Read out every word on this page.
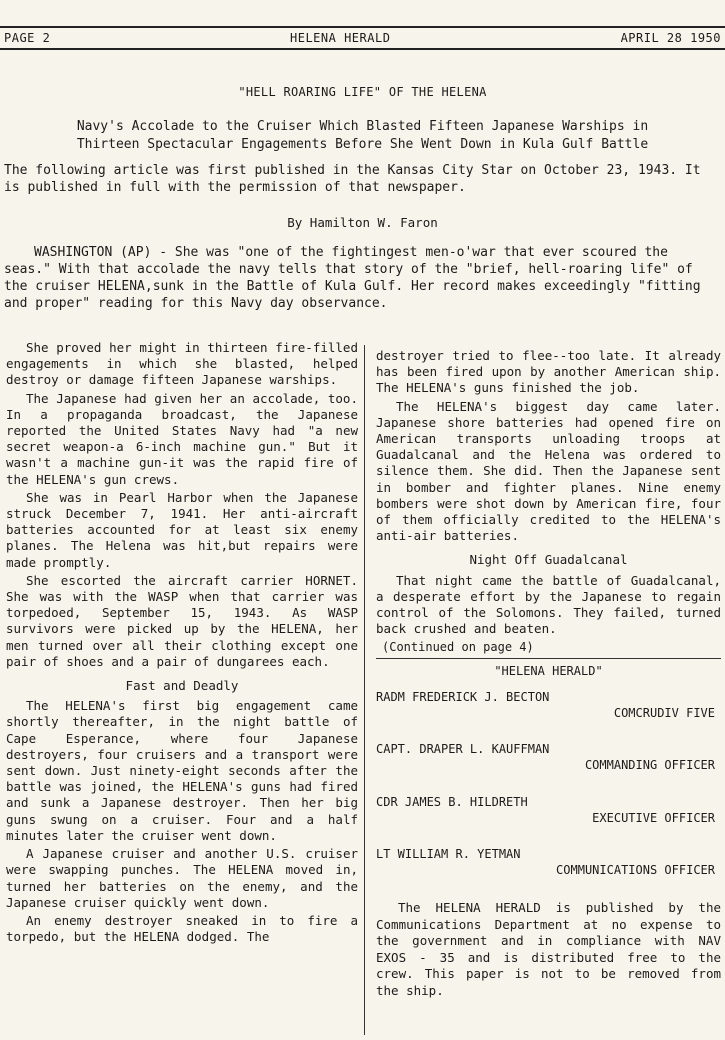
PAGE 2	HELENA HERALD	APRIL 28 1950
"HELL ROARING LIFE" OF THE HELENA
Navy's Accolade to the Cruiser Which Blasted Fifteen Japanese Warships in
Thirteen Spectacular Engagements Before She Went Down in Kula Gulf Battle
The following article was first published in the Kansas City Star on October 23, 1943. It is published in full with the permission of that newspaper.
By Hamilton W. Faron
WASHINGTON (AP) - She was "one of the fightingest men-o'war that ever scoured the seas." With that accolade the navy tells that story of the "brief, hell-roaring life" of the cruiser HELENA,sunk in the Battle of Kula Gulf. Her record makes exceedingly "fitting and proper" reading for this Navy day observance.

She proved her might in thirteen fire-filled engagements in which she blasted, helped destroy or damage fifteen Japanese warships.

The Japanese had given her an accolade, too. In a propaganda broadcast, the Japanese reported the United States Navy had "a new secret weapon-a 6-inch machine gun." But it wasn't a machine gun-it was the rapid fire of the HELENA's gun crews.

She was in Pearl Harbor when the Japanese struck December 7, 1941. Her anti-aircraft batteries accounted for at least six enemy planes. The Helena was hit,but repairs were made promptly.

She escorted the aircraft carrier HORNET. She was with the WASP when that carrier was torpedoed, September 15, 1943. As WASP survivors were picked up by the HELENA, her men turned over all their clothing except one pair of shoes and a pair of dungarees each.

Fast and Deadly

The HELENA's first big engagement came shortly thereafter, in the night battle of Cape Esperance, where four Japanese destroyers, four cruisers and a transport were sent down. Just ninety-eight seconds after the battle was joined, the HELENA's guns had fired and sunk a Japanese destroyer. Then her big guns swung on a cruiser. Four and a half minutes later the cruiser went down.

A Japanese cruiser and another U.S. cruiser were swapping punches. The HELENA moved in, turned her batteries on the enemy, and the Japanese cruiser quickly went down.

An enemy destroyer sneaked in to fire a torpedo, but the HELENA dodged. The

destroyer tried to flee--too late. It already has been fired upon by another American ship. The HELENA's guns finished the job.

The HELENA's biggest day came later. Japanese shore batteries had opened fire on American transports unloading troops at Guadalcanal and the Helena was ordered to silence them. She did. Then the Japanese sent in bomber and fighter planes. Nine enemy bombers were shot down by American fire, four of them officially credited to the HELENA's anti-air batteries.

Night Off Guadalcanal

That night came the battle of Guadalcanal, a desperate effort by the Japanese to regain control of the Solomons. They failed, turned back crushed and beaten.

(Continued on page 4)
"HELENA HERALD"
RADM FREDERICK J. BECTON
COMCRUDIV FIVE
CAPT. DRAPER L. KAUFFMAN
COMMANDING OFFICER
CDR JAMES B. HILDRETH
EXECUTIVE OFFICER
LT WILLIAM R. YETMAN
COMMUNICATIONS OFFICER

The HELENA HERALD is published by the Communications Department at no expense to the government and in compliance with NAV EXOS - 35 and is distributed free to the crew. This paper is not to be removed from the ship.
